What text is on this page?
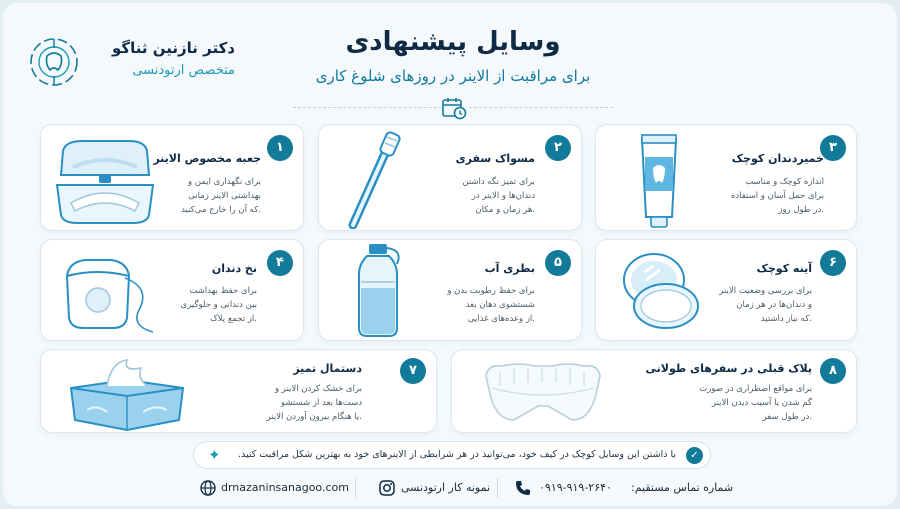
دکتر نازنین ثناگو
متخصص ارتودنسی
وسایل پیشنهادی
برای مراقبت از الاینر در روزهای شلوغ کاری
۱
جعبه مخصوص الاینر
برای نگهداری ایمن و
بهداشتی الاینر زمانی
که آن را خارج می‌کنید.
۲
مسواک سفری
برای تمیز نگه داشتن
دندان‌ها و الاینر در
هر زمان و مکان.
۳
خمیردندان کوچک
اندازه کوچک و مناسب
برای حمل آسان و استفاده
در طول روز.
۴
نخ دندان
برای حفظ بهداشت
بین دندانی و جلوگیری
از تجمع پلاک.
۵
بطری آب
برای حفظ رطوبت بدن و
شستشوی دهان بعد
از وعده‌های غذایی.
۶
آینه کوچک
برای بررسی وضعیت الاینر
و دندان‌ها در هر زمان
که نیاز داشتید.
۷
دستمال تمیز
برای خشک کردن الاینر و
دست‌ها بعد از شستشو
یا هنگام بیرون آوردن الاینر.
۸
پلاک قبلی در سفرهای طولانی
برای مواقع اضطراری در صورت
گم شدن یا آسیب دیدن الاینر
در طول سفر.
✓
با داشتن این وسایل کوچک در کیف خود، می‌توانید در هر شرایطی از الاینرهای خود به بهترین شکل مراقبت کنید.
✦
drnazaninsanagoo.com	نمونه کار ارتودنسی	۰۹۱۹-۹۱۹-۲۶۴۰ شماره تماس مستقیم:
